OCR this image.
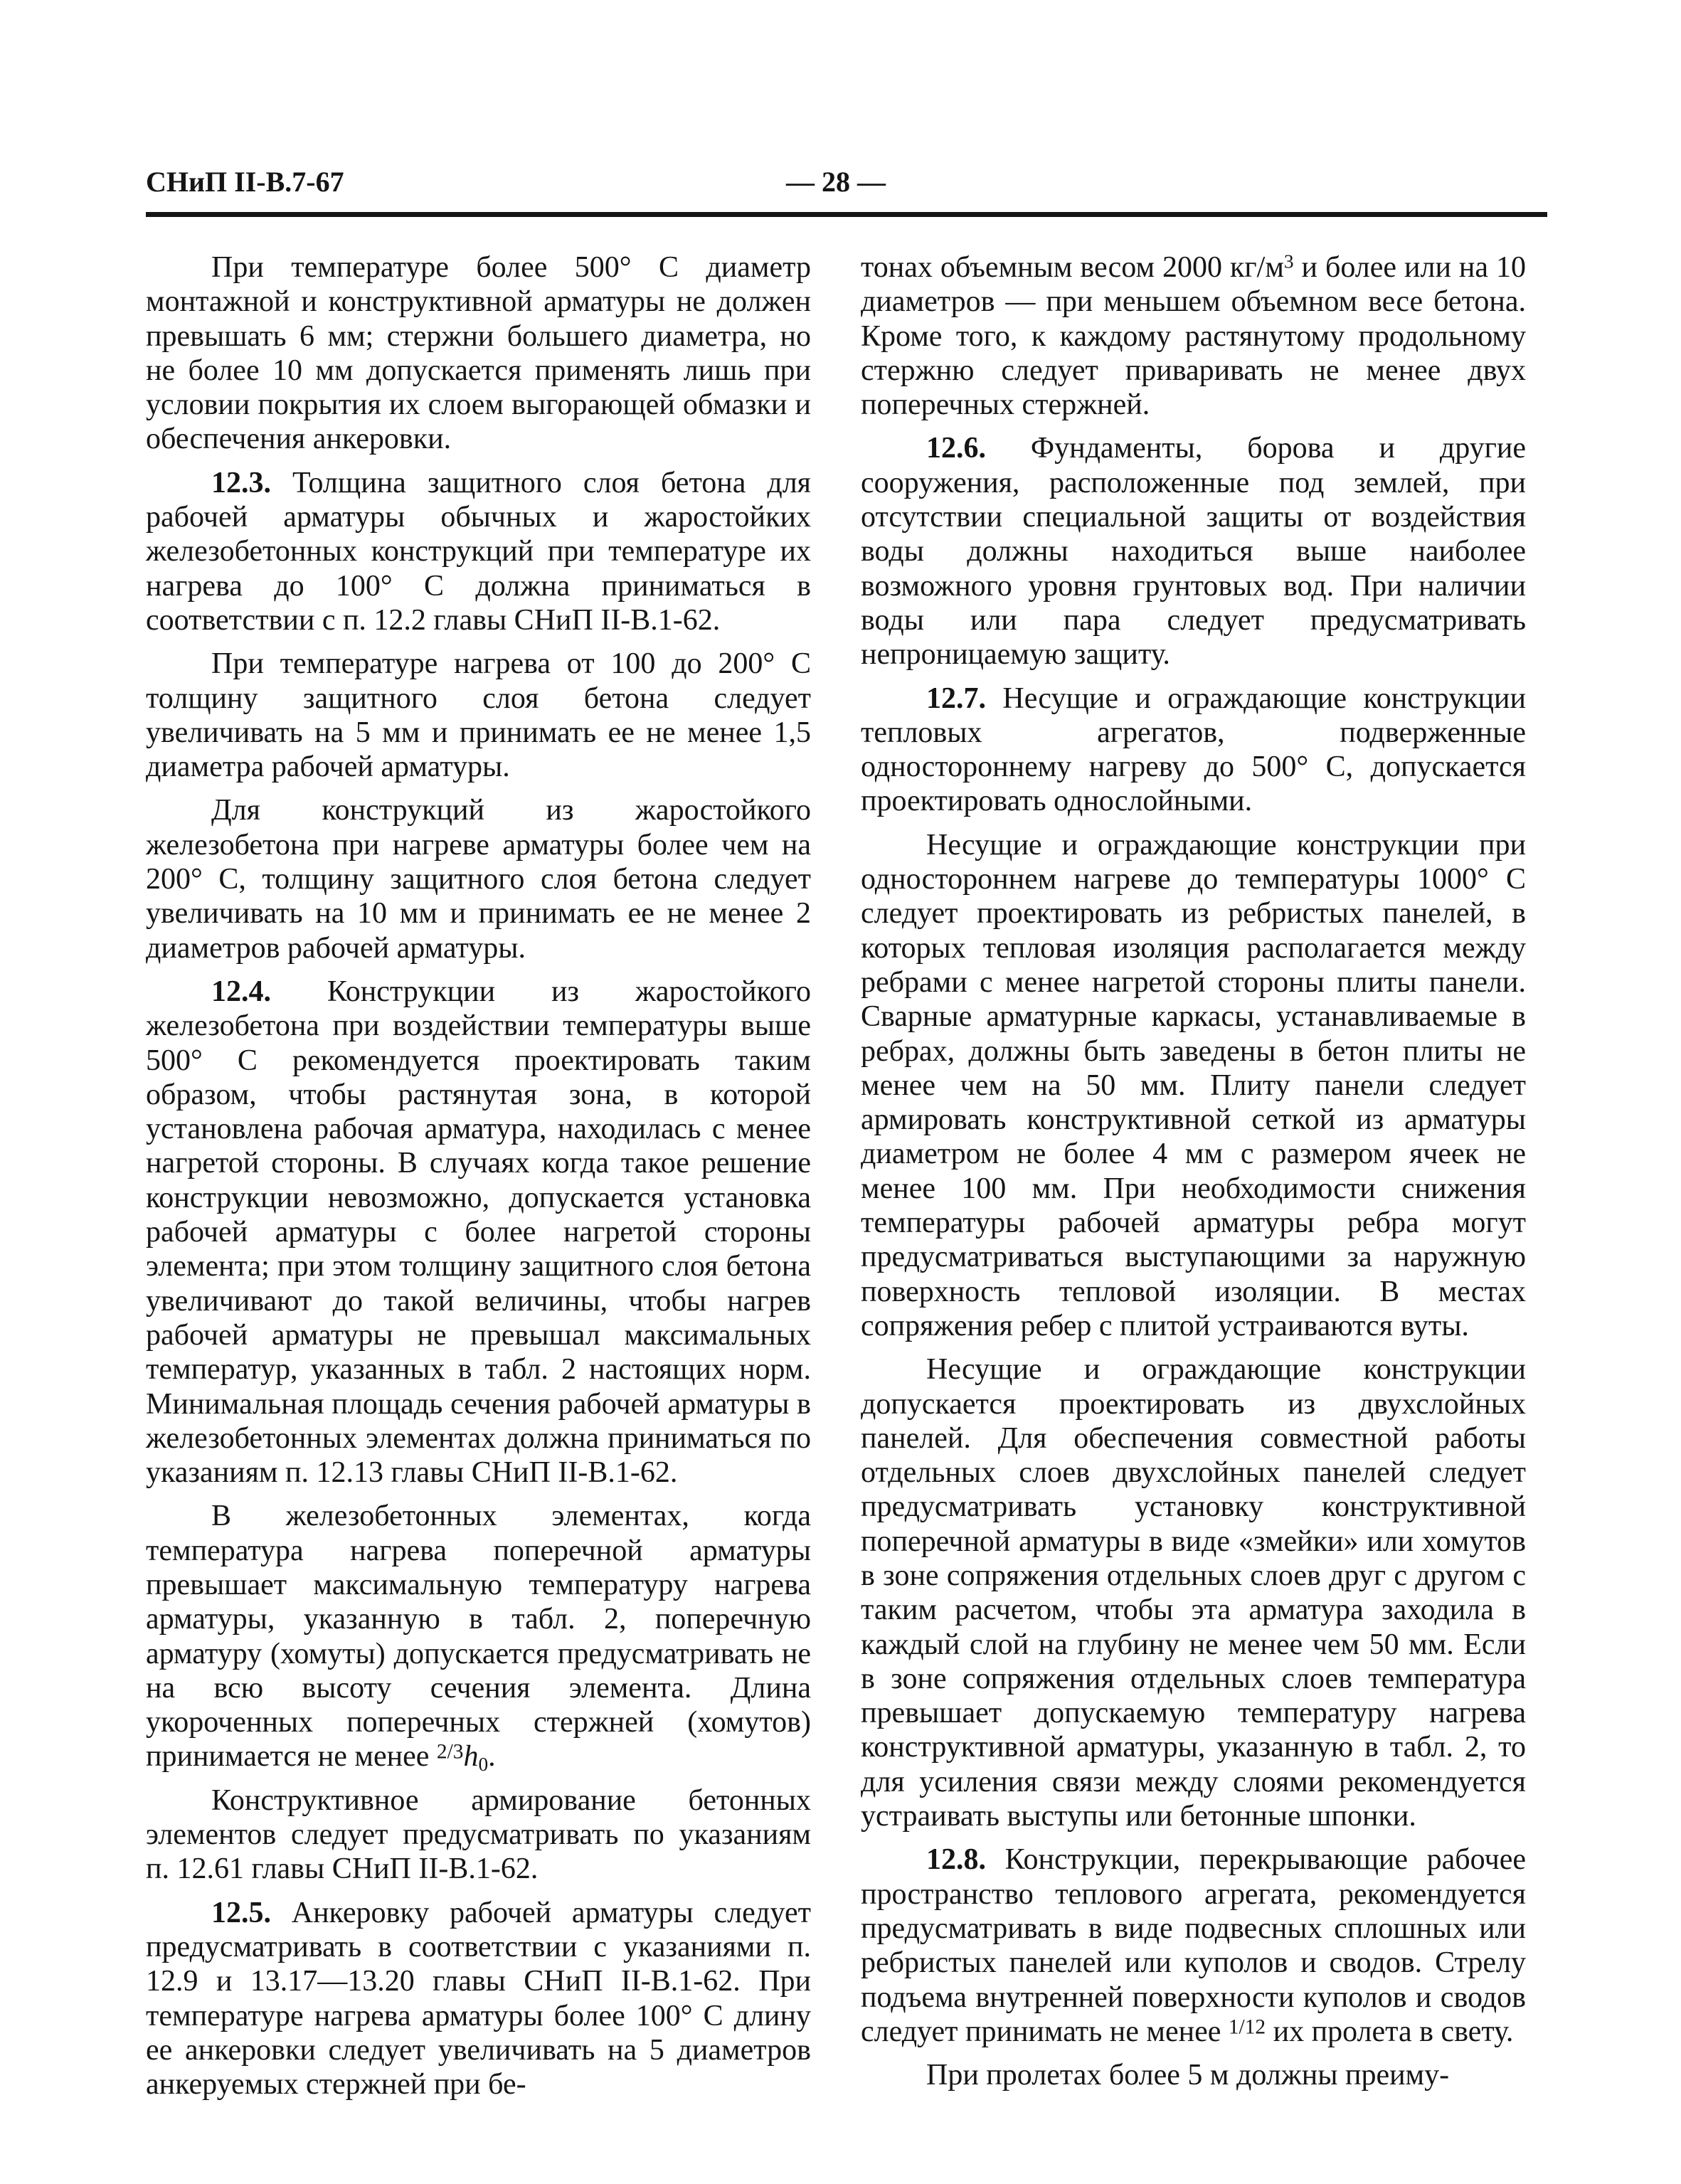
СНиП II-В.7-67	— 28 —

При температуре более 500° С диаметр монтажной и конструктивной арматуры не должен превышать 6 мм; стержни большего диаметра, но не более 10 мм допускается применять лишь при условии покрытия их слоем выгорающей обмазки и обеспечения анкеровки.

12.3. Толщина защитного слоя бетона для рабочей арматуры обычных и жаростойких железобетонных конструкций при температуре их нагрева до 100° С должна приниматься в соответствии с п. 12.2 главы СНиП II-В.1-62.

При температуре нагрева от 100 до 200° С толщину защитного слоя бетона следует увеличивать на 5 мм и принимать ее не менее 1,5 диаметра рабочей арматуры.

Для конструкций из жаростойкого железобетона при нагреве арматуры более чем на 200° С, толщину защитного слоя бетона следует увеличивать на 10 мм и принимать ее не менее 2 диаметров рабочей арматуры.

12.4. Конструкции из жаростойкого железобетона при воздействии температуры выше 500° С рекомендуется проектировать таким образом, чтобы растянутая зона, в которой установлена рабочая арматура, находилась с менее нагретой стороны. В случаях когда такое решение конструкции невозможно, допускается установка рабочей арматуры с более нагретой стороны элемента; при этом толщину защитного слоя бетона увеличивают до такой величины, чтобы нагрев рабочей арматуры не превышал максимальных температур, указанных в табл. 2 настоящих норм. Минимальная площадь сечения рабочей арматуры в железобетонных элементах должна приниматься по указаниям п. 12.13 главы СНиП II-В.1-62.

В железобетонных элементах, когда температура нагрева поперечной арматуры превышает максимальную температуру нагрева арматуры, указанную в табл. 2, поперечную арматуру (хомуты) допускается предусматривать не на всю высоту сечения элемента. Длина укороченных поперечных стержней (хомутов) принимается не менее $^{2/3}h_0$.

Конструктивное армирование бетонных элементов следует предусматривать по указаниям п. 12.61 главы СНиП II-В.1-62.

12.5. Анкеровку рабочей арматуры следует предусматривать в соответствии с указаниями п. 12.9 и 13.17—13.20 главы СНиП II-В.1-62. При температуре нагрева арматуры более 100° С длину ее анкеровки следует увеличивать на 5 диаметров анкеруемых стержней при бе-

тонах объемным весом 2000 $кг/м^3$ и более или на 10 диаметров — при меньшем объемном весе бетона. Кроме того, к каждому растянутому продольному стержню следует приваривать не менее двух поперечных стержней.

12.6. Фундаменты, борова и другие сооружения, расположенные под землей, при отсутствии специальной защиты от воздействия воды должны находиться выше наиболее возможного уровня грунтовых вод. При наличии воды или пара следует предусматривать непроницаемую защиту.

12.7. Несущие и ограждающие конструкции тепловых агрегатов, подверженные одностороннему нагреву до 500° С, допускается проектировать однослойными.

Несущие и ограждающие конструкции при одностороннем нагреве до температуры 1000° С следует проектировать из ребристых панелей, в которых тепловая изоляция располагается между ребрами с менее нагретой стороны плиты панели. Сварные арматурные каркасы, устанавливаемые в ребрах, должны быть заведены в бетон плиты не менее чем на 50 мм. Плиту панели следует армировать конструктивной сеткой из арматуры диаметром не более 4 мм с размером ячеек не менее 100 мм. При необходимости снижения температуры рабочей арматуры ребра могут предусматриваться выступающими за наружную поверхность тепловой изоляции. В местах сопряжения ребер с плитой устраиваются вуты.

Несущие и ограждающие конструкции допускается проектировать из двухслойных панелей. Для обеспечения совместной работы отдельных слоев двухслойных панелей следует предусматривать установку конструктивной поперечной арматуры в виде «змейки» или хомутов в зоне сопряжения отдельных слоев друг с другом с таким расчетом, чтобы эта арматура заходила в каждый слой на глубину не менее чем 50 мм. Если в зоне сопряжения отдельных слоев температура превышает допускаемую температуру нагрева конструктивной арматуры, указанную в табл. 2, то для усиления связи между слоями рекомендуется устраивать выступы или бетонные шпонки.

12.8. Конструкции, перекрывающие рабочее пространство теплового агрегата, рекомендуется предусматривать в виде подвесных сплошных или ребристых панелей или куполов и сводов. Стрелу подъема внутренней поверхности куполов и сводов следует принимать не менее $^{1/12}$ их пролета в свету.

При пролетах более 5 м должны преиму-
